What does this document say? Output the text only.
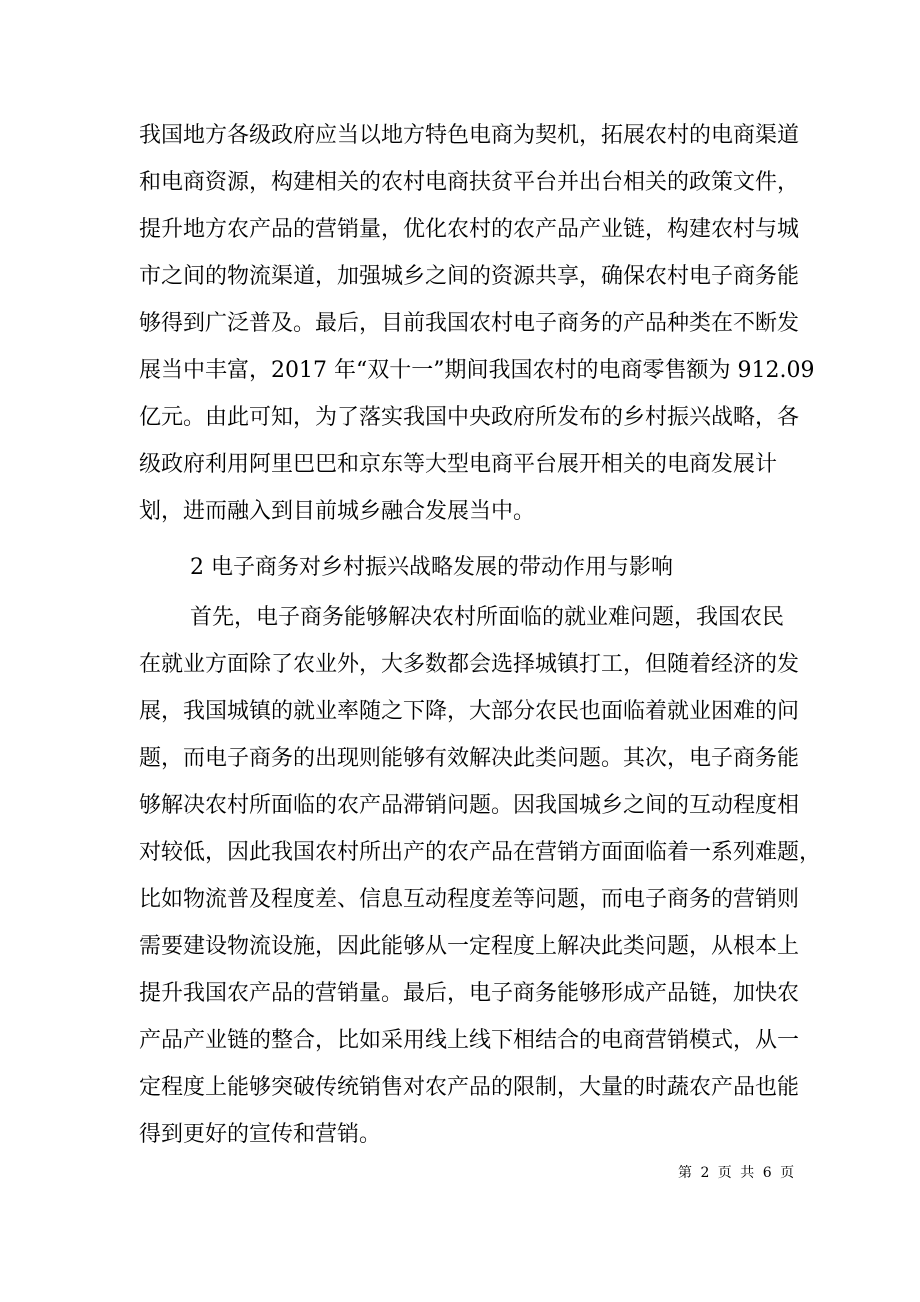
我国地方各级政府应当以地方特色电商为契机，拓展农村的电商渠道
和电商资源，构建相关的农村电商扶贫平台并出台相关的政策文件，
提升地方农产品的营销量，优化农村的农产品产业链，构建农村与城
市之间的物流渠道，加强城乡之间的资源共享，确保农村电子商务能
够得到广泛普及。最后，目前我国农村电子商务的产品种类在不断发
展当中丰富，2017 年“双十一”期间我国农村的电商零售额为 912.09
亿元。由此可知，为了落实我国中央政府所发布的乡村振兴战略，各
级政府利用阿里巴巴和京东等大型电商平台展开相关的电商发展计
划，进而融入到目前城乡融合发展当中。
2 电子商务对乡村振兴战略发展的带动作用与影响
首先，电子商务能够解决农村所面临的就业难问题，我国农民
在就业方面除了农业外，大多数都会选择城镇打工，但随着经济的发
展，我国城镇的就业率随之下降，大部分农民也面临着就业困难的问
题，而电子商务的出现则能够有效解决此类问题。其次，电子商务能
够解决农村所面临的农产品滞销问题。因我国城乡之间的互动程度相
对较低，因此我国农村所出产的农产品在营销方面面临着一系列难题，
比如物流普及程度差、信息互动程度差等问题，而电子商务的营销则
需要建设物流设施，因此能够从一定程度上解决此类问题，从根本上
提升我国农产品的营销量。最后，电子商务能够形成产品链，加快农
产品产业链的整合，比如采用线上线下相结合的电商营销模式，从一
定程度上能够突破传统销售对农产品的限制，大量的时蔬农产品也能
得到更好的宣传和营销。
第 2 页 共 6 页
